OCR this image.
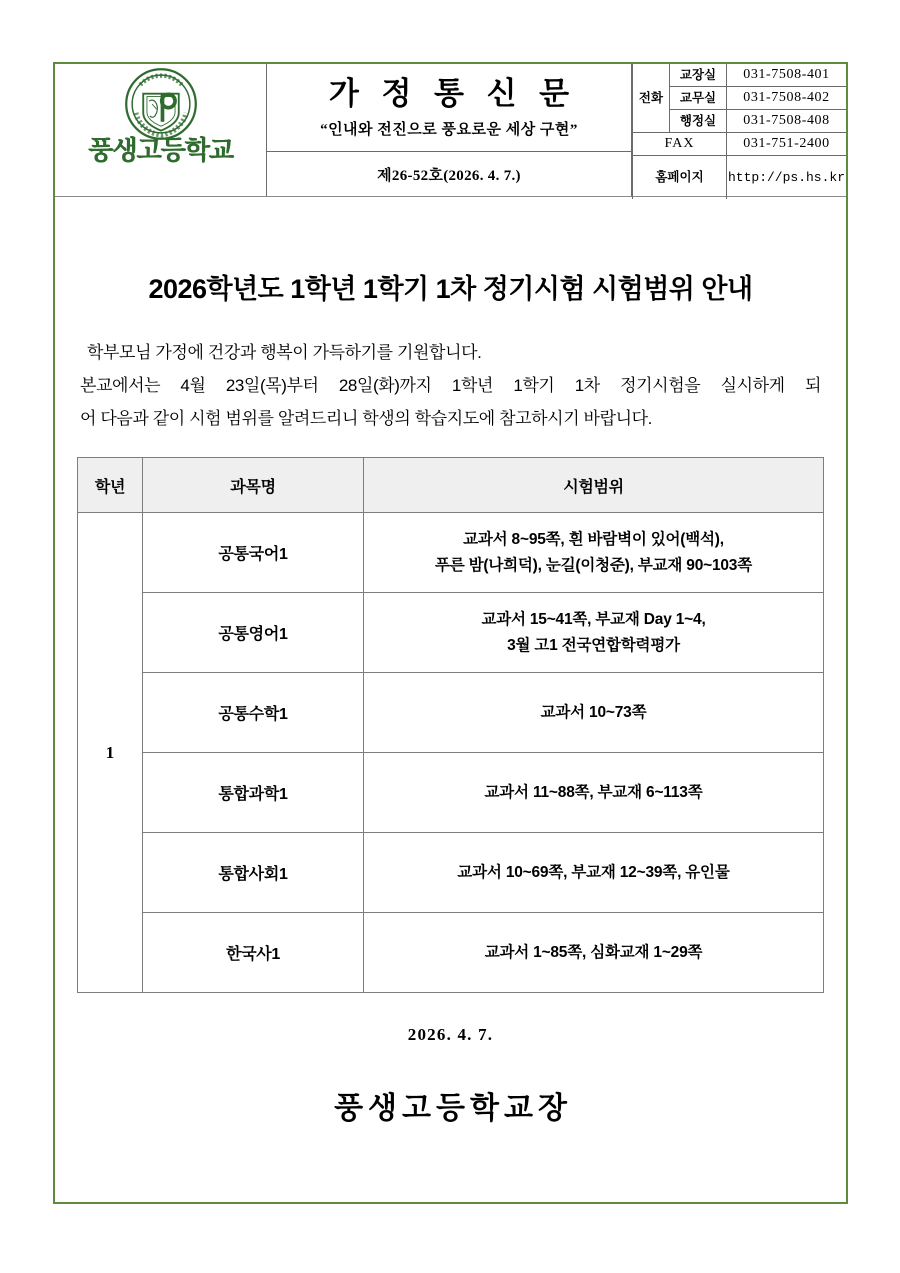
풍생고등학교
가 정 통 신 문
“인내와 전진으로 풍요로운 세상 구현”
제26-52호(2026. 4. 7.)
전화	교장실	031-7508-401
	교무실	031-7508-402
	행정실	031-7508-408
FAX		031-751-2400
홈페이지		http://ps.hs.kr
2026학년도 1학년 1학기 1차 정기시험 시험범위 안내

학부모님 가정에 건강과 행복이 가득하기를 기원합니다.

본교에서는 4월 23일(목)부터 28일(화)까지 1학년 1학기 1차 정기시험을 실시하게 되

어 다음과 같이 시험 범위를 알려드리니 학생의 학습지도에 참고하시기 바랍니다.

학년	과목명	시험범위
1	공통국어1	교과서 8~95쪽, 흰 바람벽이 있어(백석),
푸른 밤(나희덕), 눈길(이청준), 부교재 90~103쪽

	공통영어1	교과서 15~41쪽, 부교재 Day 1~4,
3월 고1 전국연합학력평가

	공통수학1	교과서 10~73쪽

	통합과학1	교과서 11~88쪽, 부교재 6~113쪽

	통합사회1	교과서 10~69쪽, 부교재 12~39쪽, 유인물

	한국사1	교과서 1~85쪽, 심화교재 1~29쪽
2026. 4. 7.
풍생고등학교장
